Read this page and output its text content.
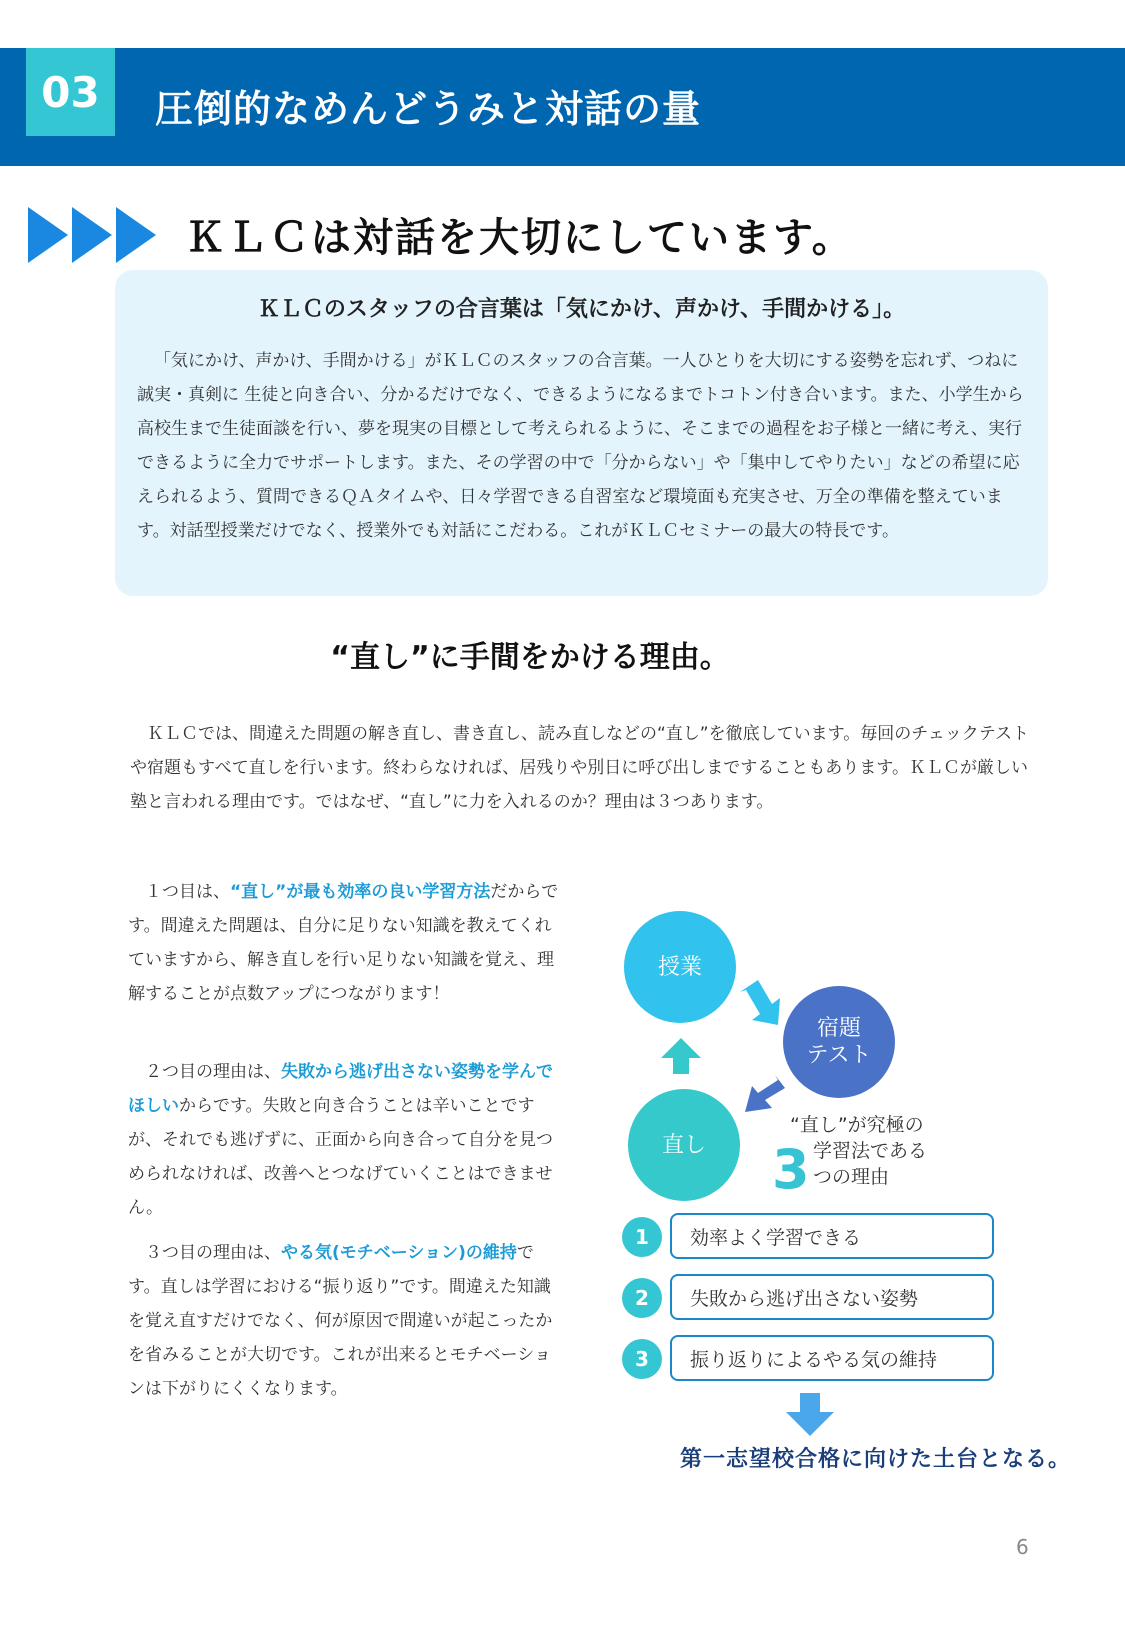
03	圧倒的なめんどうみと対話の量
ＫＬＣは対話を大切にしています。
ＫＬＣのスタッフの合言葉は「気にかけ、声かけ、手間かける」。
「気にかけ、声かけ、手間かける」がＫＬＣのスタッフの合言葉。一人ひとりを大切にする姿勢を忘れず、つねに誠実・真剣に 生徒と向き合い、分かるだけでなく、できるようになるまでトコトン付き合います。また、小学生から高校生まで生徒面談を行い、夢を現実の目標として考えられるように、そこまでの過程をお子様と一緒に考え、実行できるように全力でサポートします。また、その学習の中で「分からない」や「集中してやりたい」などの希望に応えられるよう、質問できるＱＡタイムや、日々学習できる自習室など環境面も充実させ、万全の準備を整えています。対話型授業だけでなく、授業外でも対話にこだわる。これがＫＬＣセミナーの最大の特長です。
“直し”に手間をかける理由。
ＫＬＣでは、間違えた問題の解き直し、書き直し、読み直しなどの“直し”を徹底しています。毎回のチェックテストや宿題もすべて直しを行います。終わらなければ、居残りや別日に呼び出しまですることもあります。ＫＬＣが厳しい塾と言われる理由です。ではなぜ、“直し”に力を入れるのか？理由は３つあります。
１つ目は、“直し”が最も効率の良い学習方法だからです。間違えた問題は、自分に足りない知識を教えてくれていますから、解き直しを行い足りない知識を覚え、理解することが点数アップにつながります！
２つ目の理由は、失敗から逃げ出さない姿勢を学んでほしいからです。失敗と向き合うことは辛いことですが、それでも逃げずに、正面から向き合って自分を見つめられなければ、改善へとつなげていくことはできません。
３つ目の理由は、やる気(モチベーション)の維持です。直しは学習における“振り返り”です。間違えた知識を覚え直すだけでなく、何が原因で間違いが起こったかを省みることが大切です。これが出来るとモチベーションは下がりにくくなります。
授業
宿題
テスト
直し
“直し”が究極の
3 学習法である
つの理由
1	効率よく学習できる
2	失敗から逃げ出さない姿勢
3	振り返りによるやる気の維持
第一志望校合格に向けた土台となる。
6
